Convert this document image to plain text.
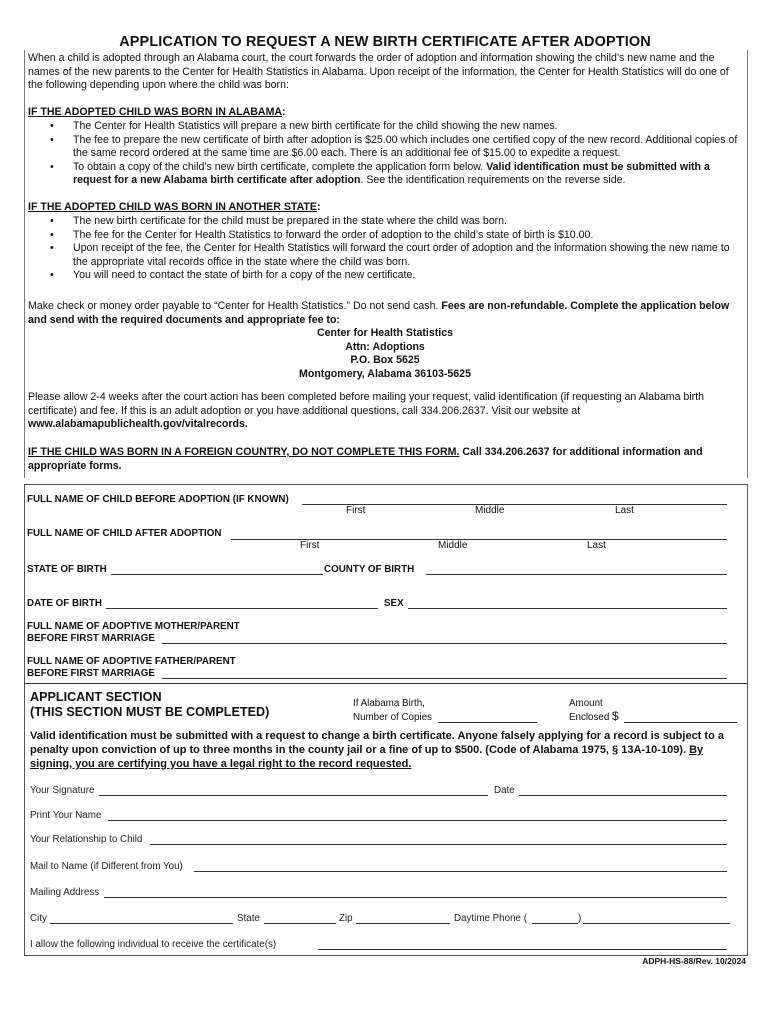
APPLICATION TO REQUEST A NEW BIRTH CERTIFICATE AFTER ADOPTION
When a child is adopted through an Alabama court, the court forwards the order of adoption and information showing the child’s new name and the names of the new parents to the Center for Health Statistics in Alabama. Upon receipt of the information, the Center for Health Statistics will do one of the following depending upon where the child was born:
IF THE ADOPTED CHILD WAS BORN IN ALABAMA:
• The Center for Health Statistics will prepare a new birth certificate for the child showing the new names.
• The fee to prepare the new certificate of birth after adoption is $25.00 which includes one certified copy of the new record. Additional copies of the same record ordered at the same time are $6.00 each. There is an additional fee of $15.00 to expedite a request.
• To obtain a copy of the child’s new birth certificate, complete the application form below. Valid identification must be submitted with a request for a new Alabama birth certificate after adoption. See the identification requirements on the reverse side.
IF THE ADOPTED CHILD WAS BORN IN ANOTHER STATE:
• The new birth certificate for the child must be prepared in the state where the child was born.
• The fee for the Center for Health Statistics to forward the order of adoption to the child’s state of birth is $10.00.
• Upon receipt of the fee, the Center for Health Statistics will forward the court order of adoption and the information showing the new name to the appropriate vital records office in the state where the child was born.
• You will need to contact the state of birth for a copy of the new certificate.
Make check or money order payable to “Center for Health Statistics.” Do not send cash. Fees are non-refundable. Complete the application below and send with the required documents and appropriate fee to:
Center for Health Statistics
Attn: Adoptions
P.O. Box 5625
Montgomery, Alabama 36103-5625
Please allow 2-4 weeks after the court action has been completed before mailing your request, valid identification (if requesting an Alabama birth certificate) and fee. If this is an adult adoption or you have additional questions, call 334.206.2637. Visit our website at www.alabamapublichealth.gov/vitalrecords.
IF THE CHILD WAS BORN IN A FOREIGN COUNTRY, DO NOT COMPLETE THIS FORM. Call 334.206.2637 for additional information and appropriate forms.
FULL NAME OF CHILD BEFORE ADOPTION (IF KNOWN)
First	Middle	Last
FULL NAME OF CHILD AFTER ADOPTION
First	Middle	Last
STATE OF BIRTH	COUNTY OF BIRTH
DATE OF BIRTH	SEX
FULL NAME OF ADOPTIVE MOTHER/PARENT
BEFORE FIRST MARRIAGE
FULL NAME OF ADOPTIVE FATHER/PARENT
BEFORE FIRST MARRIAGE
APPLICANT SECTION
(THIS SECTION MUST BE COMPLETED)
If Alabama Birth,
Number of Copies
Amount
Enclosed $
Valid identification must be submitted with a request to change a birth certificate. Anyone falsely applying for a record is subject to a penalty upon conviction of up to three months in the county jail or a fine of up to $500. (Code of Alabama 1975, § 13A-10-109). By signing, you are certifying you have a legal right to the record requested.
Your Signature	Date
Print Your Name
Your Relationship to Child
Mail to Name (if Different from You)
Mailing Address
City	State	Zip	Daytime Phone (	)
I allow the following individual to receive the certificate(s)
ADPH-HS-88/Rev. 10/2024
